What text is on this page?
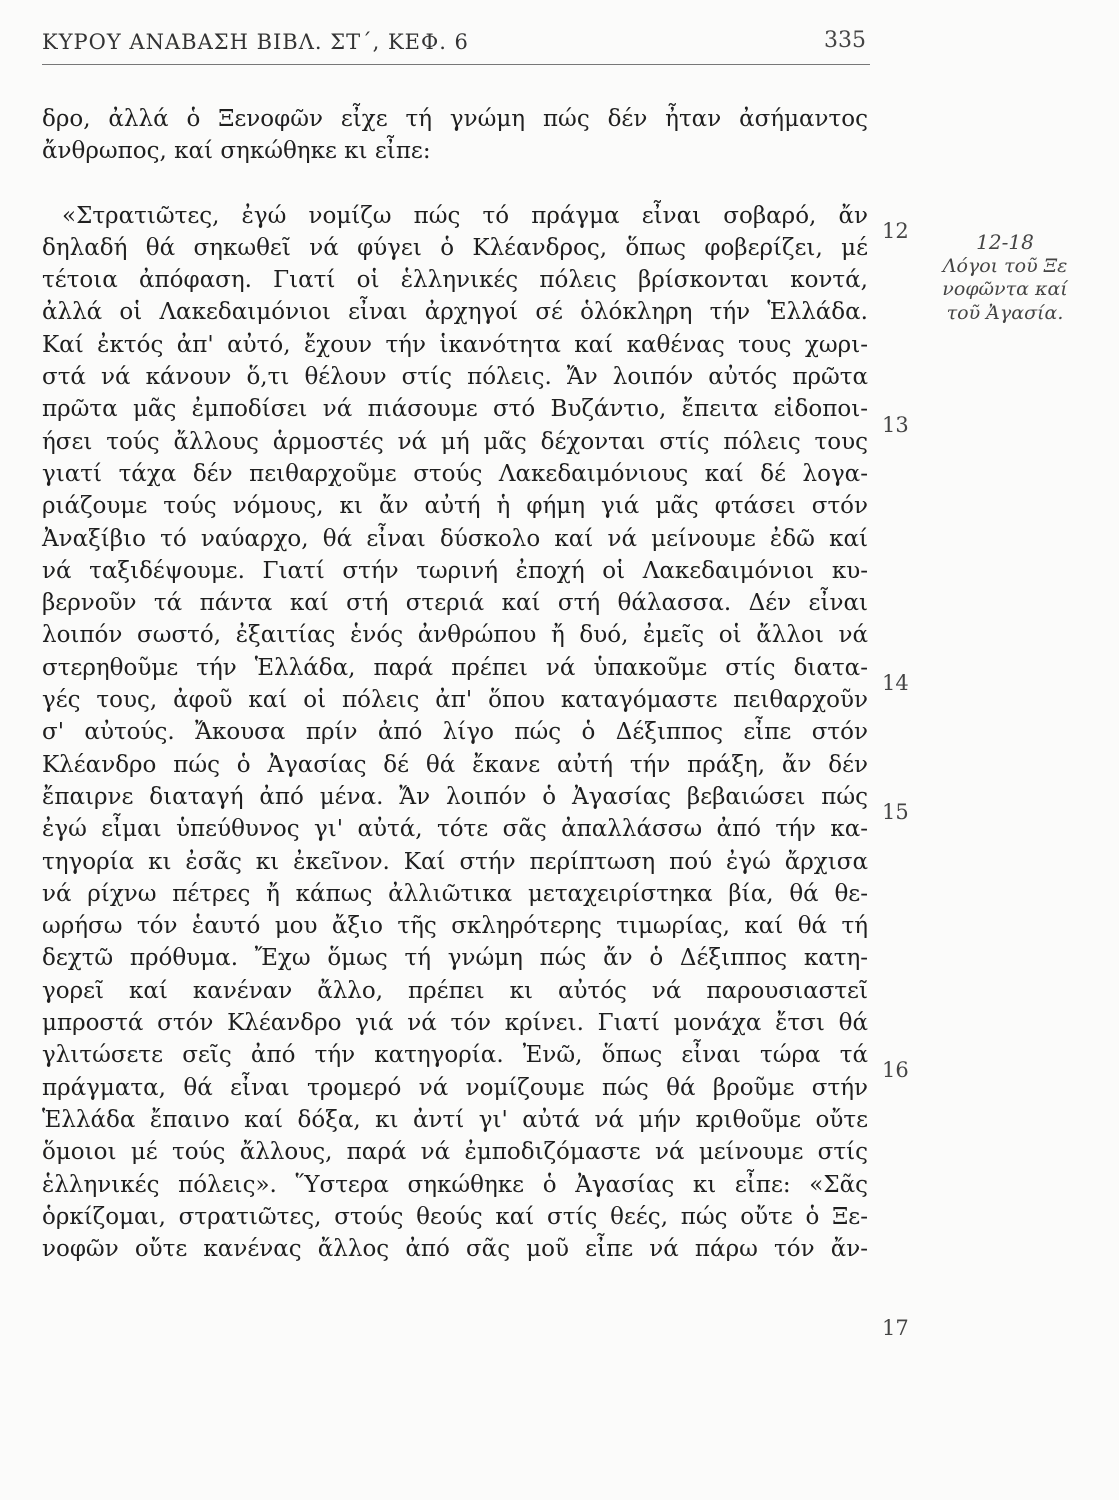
ΚΥΡΟΥ ΑΝΑΒΑΣΗ ΒΙΒΛ. ΣΤ΄, ΚΕΦ. 6	335
δρο, ἀλλά ὁ Ξενοφῶν εἶχε τή γνώμη πώς δέν ἦταν ἀσήμαντος
ἄνθρωπος, καί σηκώθηκε κι εἶπε:
«Στρατιῶτες, ἐγώ νομίζω πώς τό πράγμα εἶναι σοβαρό, ἄν
δηλαδή θά σηκωθεῖ νά φύγει ὁ Κλέανδρος, ὅπως φοβερίζει, μέ
τέτοια ἀπόφαση. Γιατί οἱ ἑλληνικές πόλεις βρίσκονται κοντά,
ἀλλά οἱ Λακεδαιμόνιοι εἶναι ἀρχηγοί σέ ὁλόκληρη τήν Ἑλλάδα.
Καί ἐκτός ἀπ' αὐτό, ἔχουν τήν ἱκανότητα καί καθένας τους χωρι-
στά νά κάνουν ὅ,τι θέλουν στίς πόλεις. Ἄν λοιπόν αὐτός πρῶτα
πρῶτα μᾶς ἐμποδίσει νά πιάσουμε στό Βυζάντιο, ἔπειτα εἰδοποι-
ήσει τούς ἄλλους ἁρμοστές νά μή μᾶς δέχονται στίς πόλεις τους
γιατί τάχα δέν πειθαρχοῦμε στούς Λακεδαιμόνιους καί δέ λογα-
ριάζουμε τούς νόμους, κι ἄν αὐτή ἡ φήμη γιά μᾶς φτάσει στόν
Ἀναξίβιο τό ναύαρχο, θά εἶναι δύσκολο καί νά μείνουμε ἐδῶ καί
νά ταξιδέψουμε. Γιατί στήν τωρινή ἐποχή οἱ Λακεδαιμόνιοι κυ-
βερνοῦν τά πάντα καί στή στεριά καί στή θάλασσα. Δέν εἶναι
λοιπόν σωστό, ἐξαιτίας ἑνός ἀνθρώπου ἤ δυό, ἐμεῖς οἱ ἄλλοι νά
στερηθοῦμε τήν Ἑλλάδα, παρά πρέπει νά ὑπακοῦμε στίς διατα-
γές τους, ἀφοῦ καί οἱ πόλεις ἀπ' ὅπου καταγόμαστε πειθαρχοῦν
σ' αὐτούς. Ἄκουσα πρίν ἀπό λίγο πώς ὁ Δέξιππος εἶπε στόν
Κλέανδρο πώς ὁ Ἀγασίας δέ θά ἔκανε αὐτή τήν πράξη, ἄν δέν
ἔπαιρνε διαταγή ἀπό μένα. Ἄν λοιπόν ὁ Ἀγασίας βεβαιώσει πώς
ἐγώ εἶμαι ὑπεύθυνος γι' αὐτά, τότε σᾶς ἀπαλλάσσω ἀπό τήν κα-
τηγορία κι ἐσᾶς κι ἐκεῖνον. Καί στήν περίπτωση πού ἐγώ ἄρχισα
νά ρίχνω πέτρες ἤ κάπως ἀλλιῶτικα μεταχειρίστηκα βία, θά θε-
ωρήσω τόν ἑαυτό μου ἄξιο τῆς σκληρότερης τιμωρίας, καί θά τή
δεχτῶ πρόθυμα. Ἔχω ὅμως τή γνώμη πώς ἄν ὁ Δέξιππος κατη-
γορεῖ καί κανέναν ἄλλο, πρέπει κι αὐτός νά παρουσιαστεῖ
μπροστά στόν Κλέανδρο γιά νά τόν κρίνει. Γιατί μονάχα ἔτσι θά
γλιτώσετε σεῖς ἀπό τήν κατηγορία. Ἐνῶ, ὅπως εἶναι τώρα τά
πράγματα, θά εἶναι τρομερό νά νομίζουμε πώς θά βροῦμε στήν
Ἑλλάδα ἔπαινο καί δόξα, κι ἀντί γι' αὐτά νά μήν κριθοῦμε οὔτε
ὅμοιοι μέ τούς ἄλλους, παρά νά ἐμποδιζόμαστε νά μείνουμε στίς
ἑλληνικές πόλεις». Ὕστερα σηκώθηκε ὁ Ἀγασίας κι εἶπε: «Σᾶς
ὁρκίζομαι, στρατιῶτες, στούς θεούς καί στίς θεές, πώς οὔτε ὁ Ξε-
νοφῶν οὔτε κανένας ἄλλος ἀπό σᾶς μοῦ εἶπε νά πάρω τόν ἄν-
12
13
14
15
16
17
12-18
Λόγοι τοῦ Ξε
νοφῶντα καί
τοῦ Ἀγασία.
